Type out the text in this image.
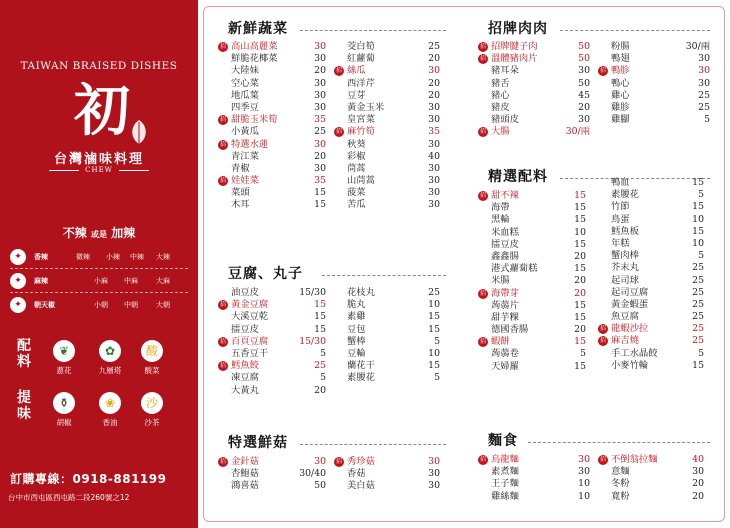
TAIWAN BRAISED DISHES
初
台灣滷味料理
CHEW
不辣 或是 加辣
✦	香辣	微辣 小辣 中辣 大辣
✦	麻辣	小麻 中麻	大麻
✦	朝天椒	小朝 中朝	大朝
配料
❦
蔥花
✿
九層塔
酸
酸菜
提味
⚱
胡椒
❀
香油
沙
沙茶
訂購專線：0918-881199
台中市西屯區西屯路二段260號之12
新鮮蔬菜
招 高山高麗菜	30
鮮脆花椰菜	30
大陸妹	20
空心菜	30
地瓜葉	30
四季豆	30
招 甜脆玉米筍	35
小黃瓜	25
招 特選水蓮	30
青江菜	20
青椒	30
招 娃娃菜	35
菜頭	15
木耳	15
茭白筍	25
紅蘿蔔	20
招 絲瓜	30
西洋芹	20
豆芽	20
黃金玉米	30
皇宮菜	30
招 麻竹筍	35
秋葵	30
彩椒	40
茼蒿	30
山茼蒿	30
菠菜	30
苦瓜	30
豆腐、丸子
油豆皮	15/30
招 黃金豆腐	15
大溪豆乾	15
擂豆皮	15
招 百頁豆腐	15/30
五香豆干	5
招 鱈魚餃	25
凍豆腐	5
大黃丸	20
花枝丸	25
脆丸	10
素雞	15
豆包	15
蟹棒	5
豆輪	10
蘭花干	15
素腰花	5
特選鮮菇
招 金針菇	30
杏鮑菇	30/40
鴻喜菇	50
招 秀珍菇	30
香菇	30
美白菇	30
招牌肉肉
招 招牌腱子肉	50
招 溫體豬肉片	50
豬耳朵	30
豬舌	50
豬心	45
豬皮	20
豬頭皮	30
招 大腸	30/兩
粉腸	30/兩
鴨翅	30
招 鴨胗	30
鴨心	30
雞心	25
雞胗	25
雞腳	5
精選配料
招 甜不辣	15
海帶	15
黑輪	15
米血糕	10
擂豆皮	15
鑫鑫腸	20
港式蘿蔔糕	15
米腸	20
招 海帶芽	20
蒟蒻片	15
甜芋粿	15
德國香腸	20
招 蝦餅	15
蒟蒻卷	5
天婦羅	15
鴨血	15
素腰花	5
竹節	15
鳥蛋	10
鱈魚板	15
年糕	10
蟹肉棒	5
芥末丸	25
起司球	25
起司豆腐	25
黃金蝦蛋	25
魚豆腐	25
招 龍蝦沙拉	25
招 麻吉燒	25
手工水晶餃	5
小麥竹輪	15
麵食
招 烏龍麵	30
素煮麵	30
王子麵	10
雞絲麵	10
招 不倒翁拉麵	40
意麵	30
冬粉	20
寬粉	20
